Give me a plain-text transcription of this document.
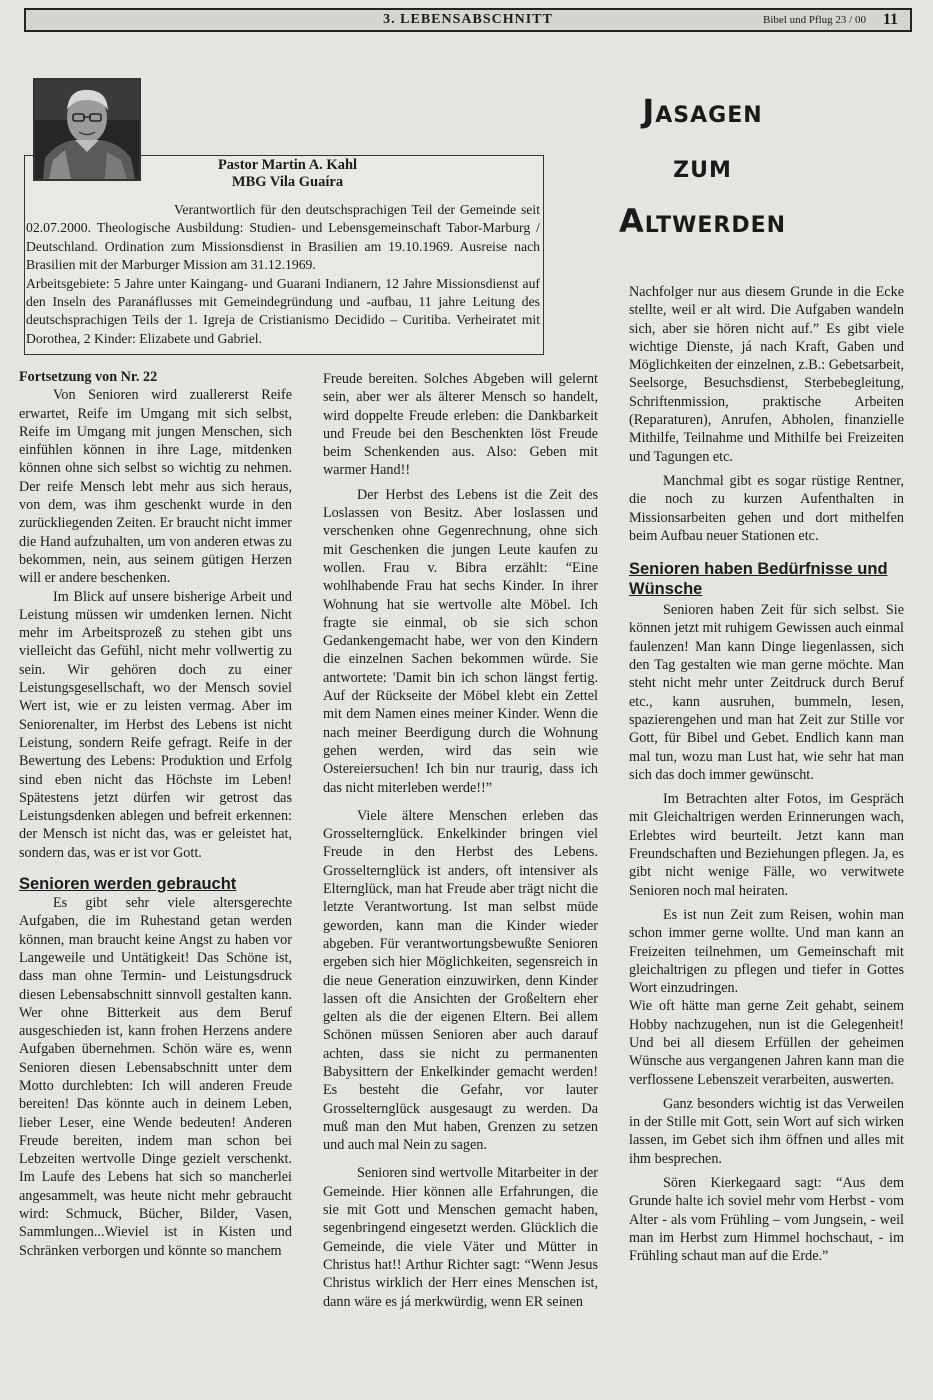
3. LEBENSABSCHNITT	Bibel und Pflug 23 / 00 11
Jasagen
zum
Altwerden
Pastor Martin A. Kahl
MBG Vila Guaíra

Verantwortlich für den deutschsprachigen Teil der Gemeinde seit 02.07.2000. Theologische Ausbildung: Studien- und Lebensgemeinschaft Tabor-Marburg / Deutschland. Ordination zum Missionsdienst in Brasilien am 19.10.1969. Ausreise nach Brasilien mit der Marburger Mission am 31.12.1969.

Arbeitsgebiete: 5 Jahre unter Kaingang- und Guarani Indianern, 12 Jahre Missionsdienst auf den Inseln des Paranáflusses mit Gemeindegründung und -aufbau, 11 jahre Leitung des deutschsprachigen Teils der 1. Igreja de Cristianismo Decidido – Curitiba. Verheiratet mit Dorothea, 2 Kinder: Elizabete und Gabriel.

Fortsetzung von Nr. 22

Von Senioren wird zuallererst Reife erwartet, Reife im Umgang mit sich selbst, Reife im Umgang mit jungen Menschen, sich einfühlen können in ihre Lage, mitdenken können ohne sich selbst so wichtig zu nehmen. Der reife Mensch lebt mehr aus sich heraus, von dem, was ihm geschenkt wurde in den zurückliegenden Zeiten. Er braucht nicht immer die Hand aufzuhalten, um von anderen etwas zu bekommen, nein, aus seinem gütigen Herzen will er andere beschenken.

Im Blick auf unsere bisherige Arbeit und Leistung müssen wir umdenken lernen. Nicht mehr im Arbeitsprozeß zu stehen gibt uns vielleicht das Gefühl, nicht mehr vollwertig zu sein. Wir gehören doch zu einer Leistungsgesellschaft, wo der Mensch soviel Wert ist, wie er zu leisten vermag. Aber im Seniorenalter, im Herbst des Lebens ist nicht Leistung, sondern Reife gefragt. Reife in der Bewertung des Lebens: Produktion und Erfolg sind eben nicht das Höchste im Leben! Spätestens jetzt dürfen wir getrost das Leistungsdenken ablegen und befreit erkennen: der Mensch ist nicht das, was er geleistet hat, sondern das, was er ist vor Gott.

Senioren werden gebraucht

Es gibt sehr viele altersgerechte Aufgaben, die im Ruhestand getan werden können, man braucht keine Angst zu haben vor Langeweile und Untätigkeit! Das Schöne ist, dass man ohne Termin- und Leistungsdruck diesen Lebensabschnitt sinnvoll gestalten kann. Wer ohne Bitterkeit aus dem Beruf ausgeschieden ist, kann frohen Herzens andere Aufgaben übernehmen. Schön wäre es, wenn Senioren diesen Lebensabschnitt unter dem Motto durchlebten: Ich will anderen Freude bereiten! Das könnte auch in deinem Leben, lieber Leser, eine Wende bedeuten! Anderen Freude bereiten, indem man schon bei Lebzeiten wertvolle Dinge gezielt verschenkt. Im Laufe des Lebens hat sich so mancherlei angesammelt, was heute nicht mehr gebraucht wird: Schmuck, Bücher, Bilder, Vasen, Sammlungen...Wieviel ist in Kisten und Schränken verborgen und könnte so manchem

Freude bereiten. Solches Abgeben will gelernt sein, aber wer als älterer Mensch so handelt, wird doppelte Freude erleben: die Dankbarkeit und Freude bei den Beschenkten löst Freude beim Schenkenden aus. Also: Geben mit warmer Hand!!

Der Herbst des Lebens ist die Zeit des Loslassen von Besitz. Aber loslassen und verschenken ohne Gegenrechnung, ohne sich mit Geschenken die jungen Leute kaufen zu wollen. Frau v. Bibra erzählt: “Eine wohlhabende Frau hat sechs Kinder. In ihrer Wohnung hat sie wertvolle alte Möbel. Ich fragte sie einmal, ob sie sich schon Gedankengemacht habe, wer von den Kindern die einzelnen Sachen bekommen würde. Sie antwortete: 'Damit bin ich schon längst fertig. Auf der Rückseite der Möbel klebt ein Zettel mit dem Namen eines meiner Kinder. Wenn die nach meiner Beerdigung durch die Wohnung gehen werden, wird das sein wie Ostereiersuchen! Ich bin nur traurig, dass ich das nicht miterleben werde!!”

Viele ältere Menschen erleben das Grosselternglück. Enkelkinder bringen viel Freude in den Herbst des Lebens. Grosselternglück ist anders, oft intensiver als Elternglück, man hat Freude aber trägt nicht die letzte Verantwortung. Ist man selbst müde geworden, kann man die Kinder wieder abgeben. Für verantwortungsbewußte Senioren ergeben sich hier Möglichkeiten, segensreich in die neue Generation einzuwirken, denn Kinder lassen oft die Ansichten der Großeltern eher gelten als die der eigenen Eltern. Bei allem Schönen müssen Senioren aber auch darauf achten, dass sie nicht zu permanenten Babysittern der Enkelkinder gemacht werden! Es besteht die Gefahr, vor lauter Grosselternglück ausgesaugt zu werden. Da muß man den Mut haben, Grenzen zu setzen und auch mal Nein zu sagen.

Senioren sind wertvolle Mitarbeiter in der Gemeinde. Hier können alle Erfahrungen, die sie mit Gott und Menschen gemacht haben, segenbringend eingesetzt werden. Glücklich die Gemeinde, die viele Väter und Mütter in Christus hat!! Arthur Richter sagt: “Wenn Jesus Christus wirklich der Herr eines Menschen ist, dann wäre es já merkwürdig, wenn ER seinen

Nachfolger nur aus diesem Grunde in die Ecke stellte, weil er alt wird. Die Aufgaben wandeln sich, aber sie hören nicht auf.” Es gibt viele wichtige Dienste, já nach Kraft, Gaben und Möglichkeiten der einzelnen, z.B.: Gebetsarbeit, Seelsorge, Besuchsdienst, Sterbebegleitung, Schriftenmission, praktische Arbeiten (Reparaturen), Anrufen, Abholen, finanzielle Mithilfe, Teilnahme und Mithilfe bei Freizeiten und Tagungen etc.

Manchmal gibt es sogar rüstige Rentner, die noch zu kurzen Aufenthalten in Missionsarbeiten gehen und dort mithelfen beim Aufbau neuer Stationen etc.

Senioren haben Bedürfnisse und Wünsche

Senioren haben Zeit für sich selbst. Sie können jetzt mit ruhigem Gewissen auch einmal faulenzen! Man kann Dinge liegenlassen, sich den Tag gestalten wie man gerne möchte. Man steht nicht mehr unter Zeitdruck durch Beruf etc., kann ausruhen, bummeln, lesen, spazierengehen und man hat Zeit zur Stille vor Gott, für Bibel und Gebet. Endlich kann man mal tun, wozu man Lust hat, wie sehr hat man sich das doch immer gewünscht.

Im Betrachten alter Fotos, im Gespräch mit Gleichaltrigen werden Erinnerungen wach, Erlebtes wird beurteilt. Jetzt kann man Freundschaften und Beziehungen pflegen. Ja, es gibt nicht wenige Fälle, wo verwitwete Senioren noch mal heiraten.

Es ist nun Zeit zum Reisen, wohin man schon immer gerne wollte. Und man kann an Freizeiten teilnehmen, um Gemeinschaft mit gleichaltrigen zu pflegen und tiefer in Gottes Wort einzudringen.

Wie oft hätte man gerne Zeit gehabt, seinem Hobby nachzugehen, nun ist die Gelegenheit! Und bei all diesem Erfüllen der geheimen Wünsche aus vergangenen Jahren kann man die verflossene Lebenszeit verarbeiten, auswerten.

Ganz besonders wichtig ist das Verweilen in der Stille mit Gott, sein Wort auf sich wirken lassen, im Gebet sich ihm öffnen und alles mit ihm besprechen.

Sören Kierkegaard sagt: “Aus dem Grunde halte ich soviel mehr vom Herbst - vom Alter - als vom Frühling – vom Jungsein, - weil man im Herbst zum Himmel hochschaut, - im Frühling schaut man auf die Erde.”
